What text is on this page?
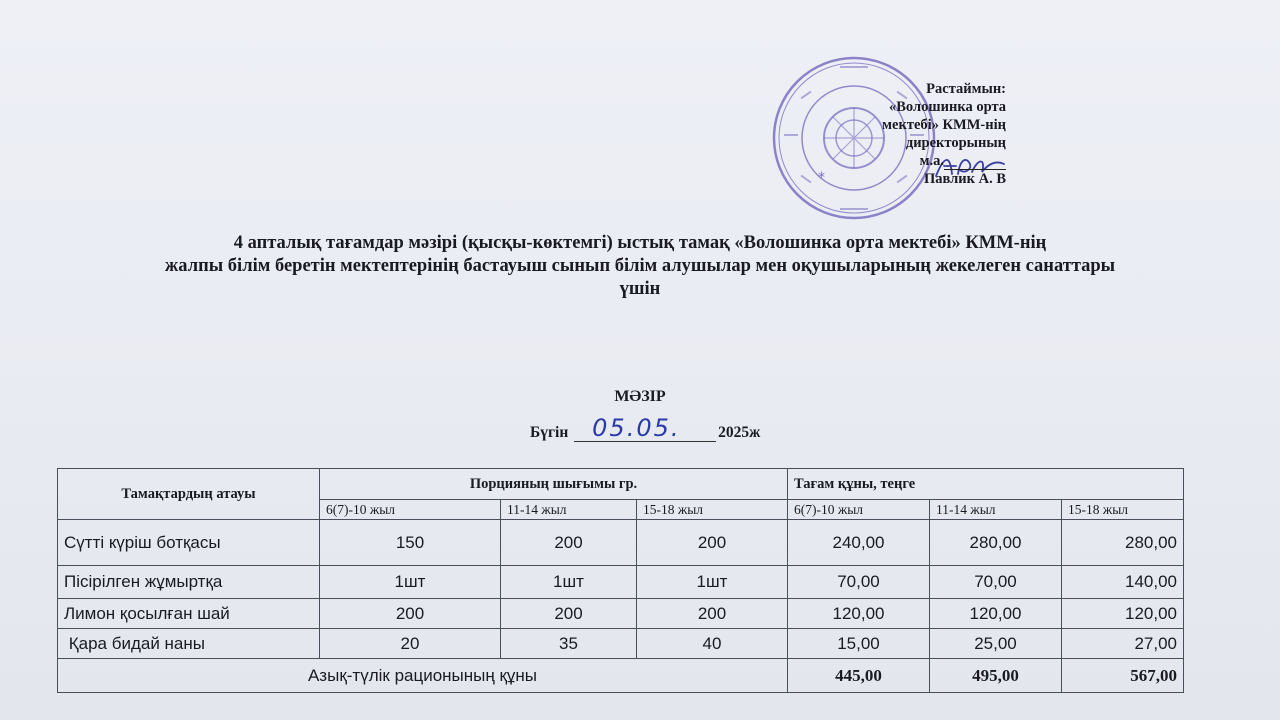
*
Растаймын:
«Волошинка орта
мектебі» КММ-нің
директорының
м.а.
Павлик А. В
4 апталық тағамдар мәзірі (қысқы-көктемгі) ыстық тамақ «Волошинка орта мектебі» КММ-нің
жалпы білім беретін мектептерінің бастауыш сынып білім алушылар мен оқушыларының жекелеген санаттары
үшін
МӘЗІР
Бүгін 05.05. 2025ж
Тамақтардың атауы	Порцияның шығымы гр.			Тағам құны, теңге		
	6(7)-10 жыл	11-14 жыл	15-18 жыл	6(7)-10 жыл	11-14 жыл	15-18 жыл
Сүтті күріш ботқасы	150	200	200	240,00	280,00	280,00
Пісірілген жұмыртқа	1шт	1шт	1шт	70,00	70,00	140,00
Лимон қосылған шай	200	200	200	120,00	120,00	120,00
Қара бидай наны	20	35	40	15,00	25,00	27,00
Азық-түлік рационының құны				445,00	495,00	567,00
